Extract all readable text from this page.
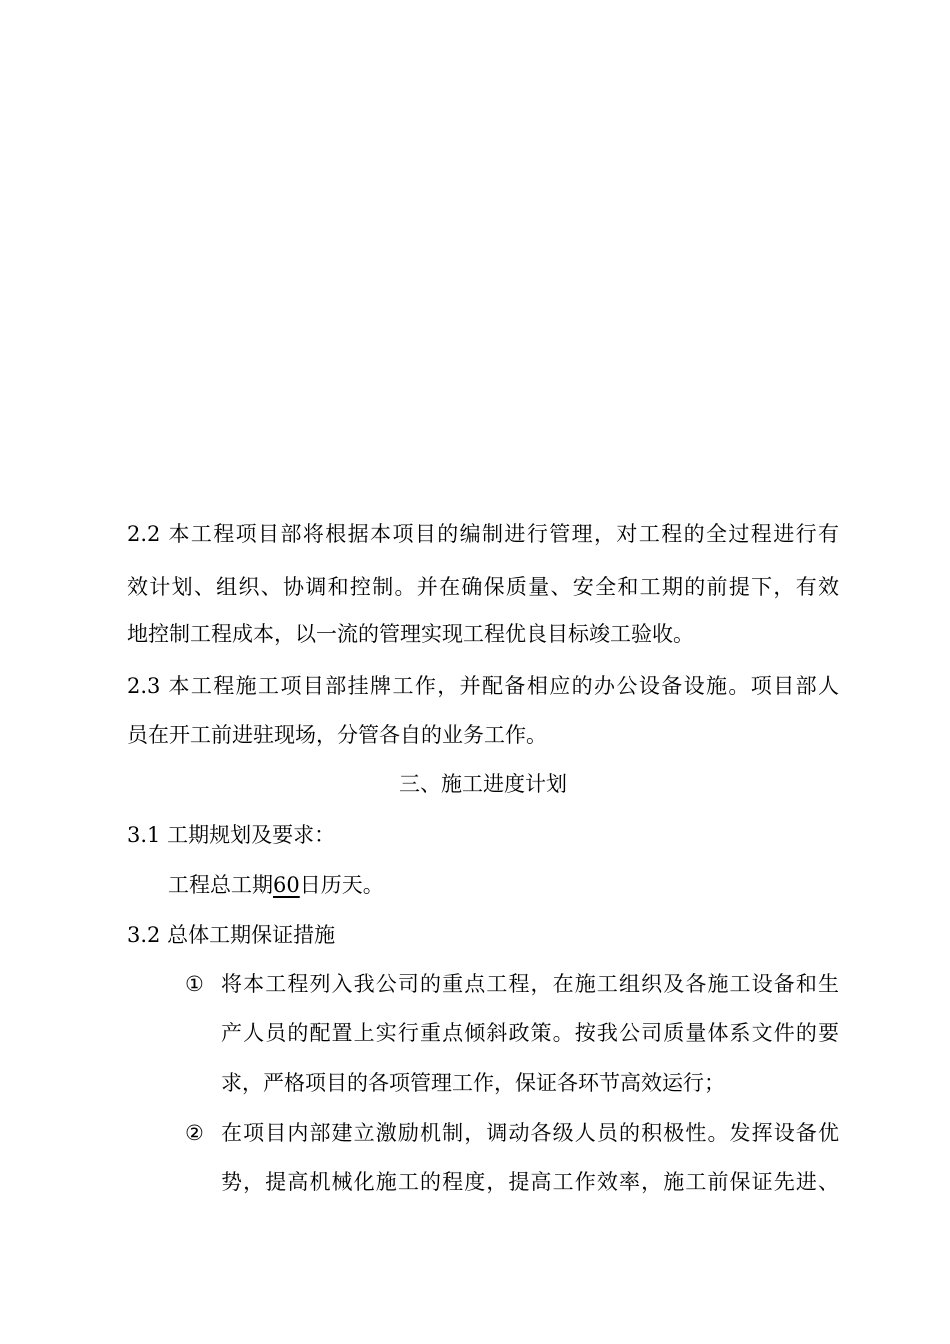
2.2 本工程项目部将根据本项目的编制进行管理，对工程的全过程进行有
效计划、组织、协调和控制。并在确保质量、安全和工期的前提下，有效
地控制工程成本，以一流的管理实现工程优良目标竣工验收。
2.3 本工程施工项目部挂牌工作，并配备相应的办公设备设施。项目部人
员在开工前进驻现场，分管各自的业务工作。
三、施工进度计划
3.1 工期规划及要求：
工程总工期60日历天。
3.2 总体工期保证措施
① 将本工程列入我公司的重点工程，在施工组织及各施工设备和生
产人员的配置上实行重点倾斜政策。按我公司质量体系文件的要
求，严格项目的各项管理工作，保证各环节高效运行；
② 在项目内部建立激励机制，调动各级人员的积极性。发挥设备优
势，提高机械化施工的程度，提高工作效率，施工前保证先进、
